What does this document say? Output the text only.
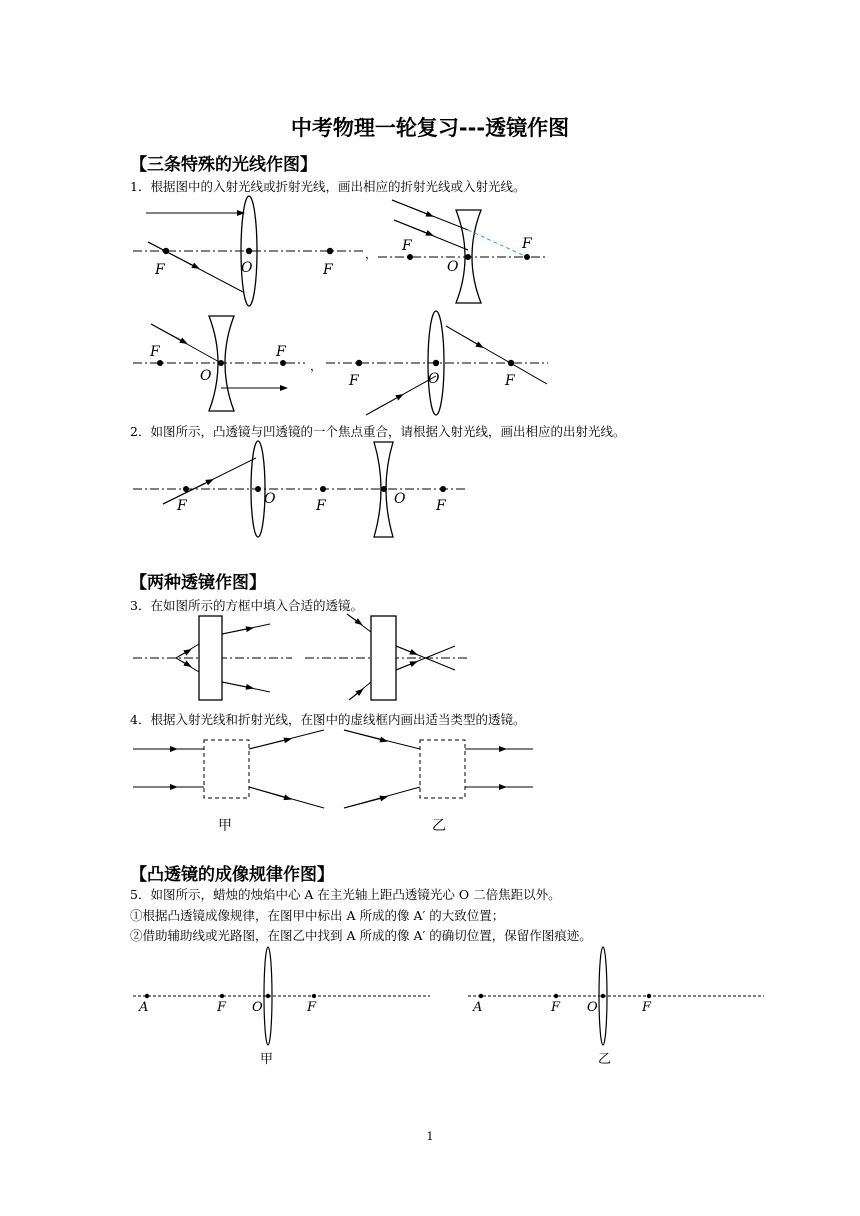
中考物理一轮复习---透镜作图
【三条特殊的光线作图】
1．根据图中的入射光线或折射光线，画出相应的折射光线或入射光线。
F	O	F
， F
O
F
F
O
F
，
F	O	F
2．如图所示，凸透镜与凹透镜的一个焦点重合，请根据入射光线，画出相应的出射光线。
F	O	F	O F
【两种透镜作图】
3．在如图所示的方框中填入合适的透镜。
4．根据入射光线和折射光线，在图中的虚线框内画出适当类型的透镜。
甲	乙
【凸透镜的成像规律作图】
5．如图所示，蜡烛的烛焰中心 A 在主光轴上距凸透镜光心 O 二倍焦距以外。
①根据凸透镜成像规律，在图甲中标出 A 所成的像 A′ 的大致位置；
②借助辅助线或光路图，在图乙中找到 A 所成的像 A′ 的确切位置，保留作图痕迹。
A	F O	F
甲
A	F O	F
乙
1
